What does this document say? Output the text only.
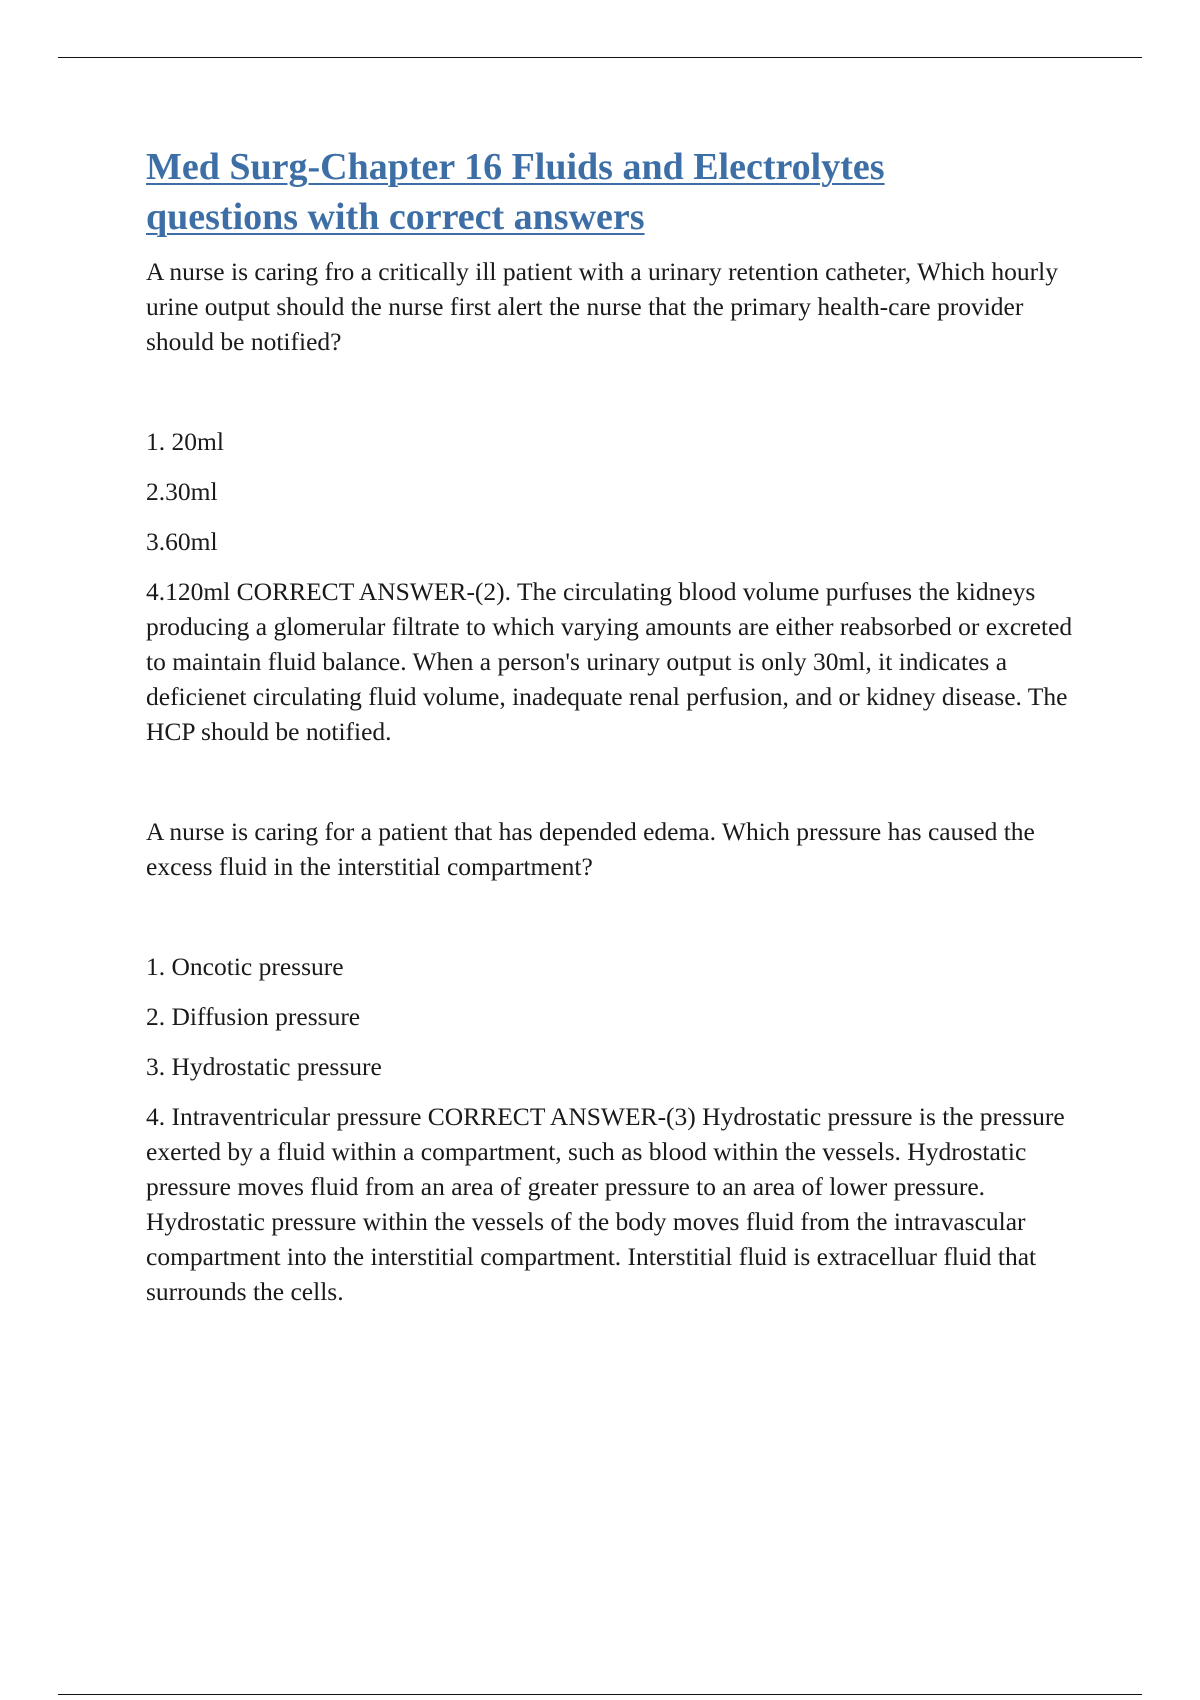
Med Surg-Chapter 16 Fluids and Electrolytes
questions with correct answers

A nurse is caring fro a critically ill patient with a urinary retention catheter, Which hourly urine output should the nurse first alert the nurse that the primary health-care provider should be notified?

1. 20ml

2.30ml

3.60ml

4.120ml CORRECT ANSWER-(2). The circulating blood volume purfuses the kidneys producing a glomerular filtrate to which varying amounts are either reabsorbed or excreted to maintain fluid balance. When a person's urinary output is only 30ml, it indicates a deficienet circulating fluid volume, inadequate renal perfusion, and or kidney disease. The HCP should be notified.

A nurse is caring for a patient that has depended edema. Which pressure has caused the excess fluid in the interstitial compartment?

1. Oncotic pressure

2. Diffusion pressure

3. Hydrostatic pressure

4. Intraventricular pressure CORRECT ANSWER-(3) Hydrostatic pressure is the pressure exerted by a fluid within a compartment, such as blood within the vessels. Hydrostatic pressure moves fluid from an area of greater pressure to an area of lower pressure. Hydrostatic pressure within the vessels of the body moves fluid from the intravascular compartment into the interstitial compartment. Interstitial fluid is extracelluar fluid that surrounds the cells.
